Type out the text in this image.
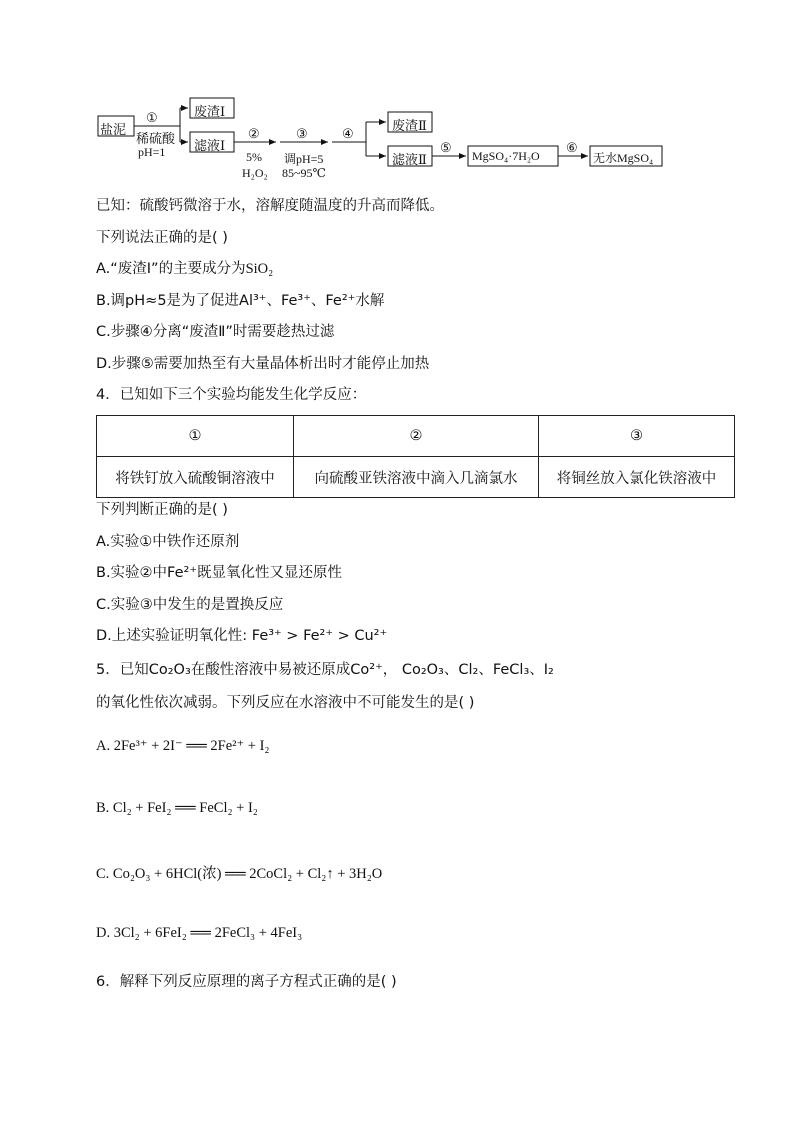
盐泥
①
稀硫酸
pH=1
废渣Ⅰ
滤液Ⅰ
②
5%
H₂O₂
③
调pH=5
85~95℃
④
废渣Ⅱ
滤液Ⅱ
⑤
MgSO₄·7H₂O
⑥
无水MgSO₄
已知：硫酸钙微溶于水，溶解度随温度的升高而降低。
下列说法正确的是( )
A.“废渣Ⅰ”的主要成分为SiO₂
B.调pH≈5是为了促进Al³⁺、Fe³⁺、Fe²⁺水解
C.步骤④分离“废渣Ⅱ”时需要趁热过滤
D.步骤⑤需要加热至有大量晶体析出时才能停止加热
4．已知如下三个实验均能发生化学反应：
①	②	③
将铁钉放入硫酸铜溶液中	向硫酸亚铁溶液中滴入几滴氯水	将铜丝放入氯化铁溶液中
下列判断正确的是( )
A.实验①中铁作还原剂
B.实验②中Fe²⁺既显氧化性又显还原性
C.实验③中发生的是置换反应
D.上述实验证明氧化性: Fe³⁺ > Fe²⁺ > Cu²⁺
5．已知Co₂O₃在酸性溶液中易被还原成Co²⁺， Co₂O₃、Cl₂、FeCl₃、I₂
的氧化性依次减弱。下列反应在水溶液中不可能发生的是( )
A. 2Fe³⁺ + 2I⁻ ══ 2Fe²⁺ + I₂
B. Cl₂ + FeI₂ ══ FeCl₂ + I₂
C. Co₂O₃ + 6HCl(浓) ══ 2CoCl₂ + Cl₂↑ + 3H₂O
D. 3Cl₂ + 6FeI₂ ══ 2FeCl₃ + 4FeI₃
6．解释下列反应原理的离子方程式正确的是( )
